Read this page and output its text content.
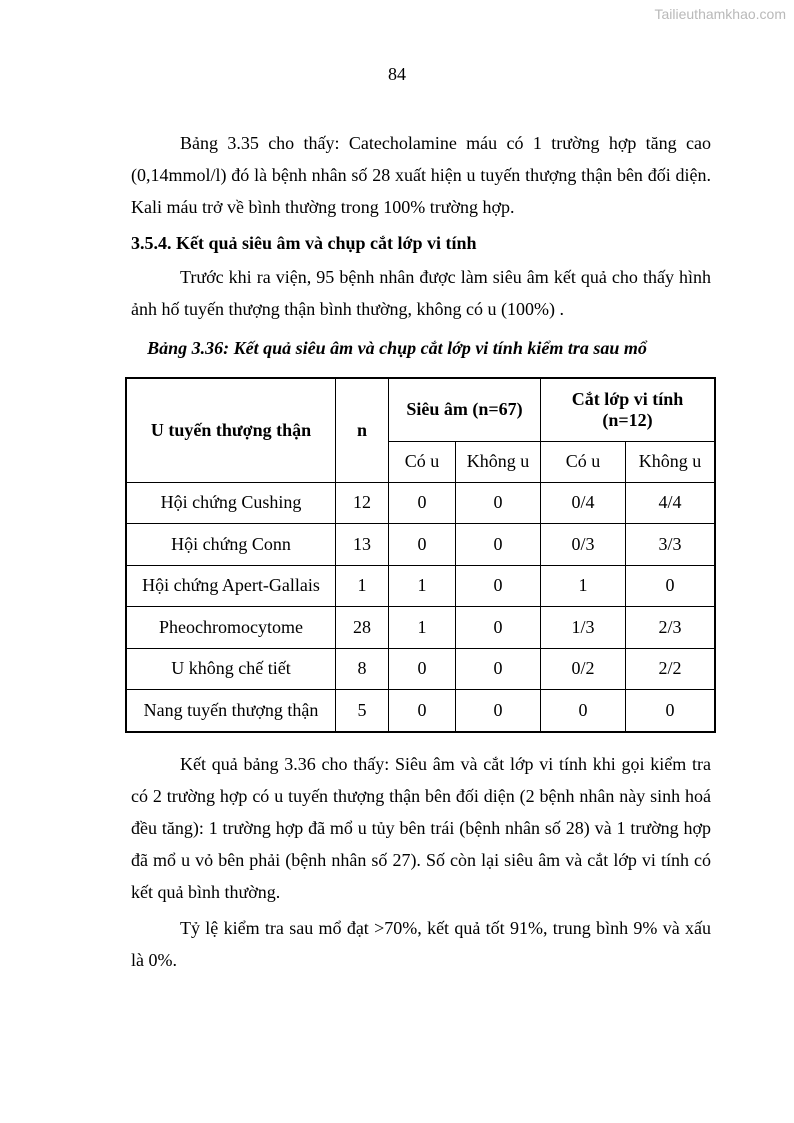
Tailieuthamkhao.com
84
Bảng 3.35 cho thấy: Catecholamine máu có 1 trường hợp tăng cao (0,14mmol/l) đó là bệnh nhân số 28 xuất hiện u tuyến thượng thận bên đối diện. Kali máu trở về bình thường trong 100% trường hợp.
3.5.4. Kết quả siêu âm và chụp cắt lớp vi tính
Trước khi ra viện, 95 bệnh nhân được làm siêu âm kết quả cho thấy hình ảnh hố tuyến thượng thận bình thường, không có u (100%) .
Bảng 3.36: Kết quả siêu âm và chụp cắt lớp vi tính kiểm tra sau mổ
U tuyến thượng thận	n	Siêu âm (n=67)		Cắt lớp vi tính (n=12)	
		Có u	Không u	Có u	Không u
Hội chứng Cushing	12	0	0	0/4	4/4
Hội chứng Conn	13	0	0	0/3	3/3
Hội chứng Apert-Gallais	1	1	0	1	0
Pheochromocytome	28	1	0	1/3	2/3
U không chế tiết	8	0	0	0/2	2/2
Nang tuyến thượng thận	5	0	0	0	0
Kết quả bảng 3.36 cho thấy: Siêu âm và cắt lớp vi tính khi gọi kiểm tra có 2 trường hợp có u tuyến thượng thận bên đối diện (2 bệnh nhân này sinh hoá đều tăng): 1 trường hợp đã mổ u tủy bên trái (bệnh nhân số 28) và 1 trường hợp đã mổ u vỏ bên phải (bệnh nhân số 27). Số còn lại siêu âm và cắt lớp vi tính có kết quả bình thường.
Tỷ lệ kiểm tra sau mổ đạt >70%, kết quả tốt 91%, trung bình 9% và xấu là 0%.
